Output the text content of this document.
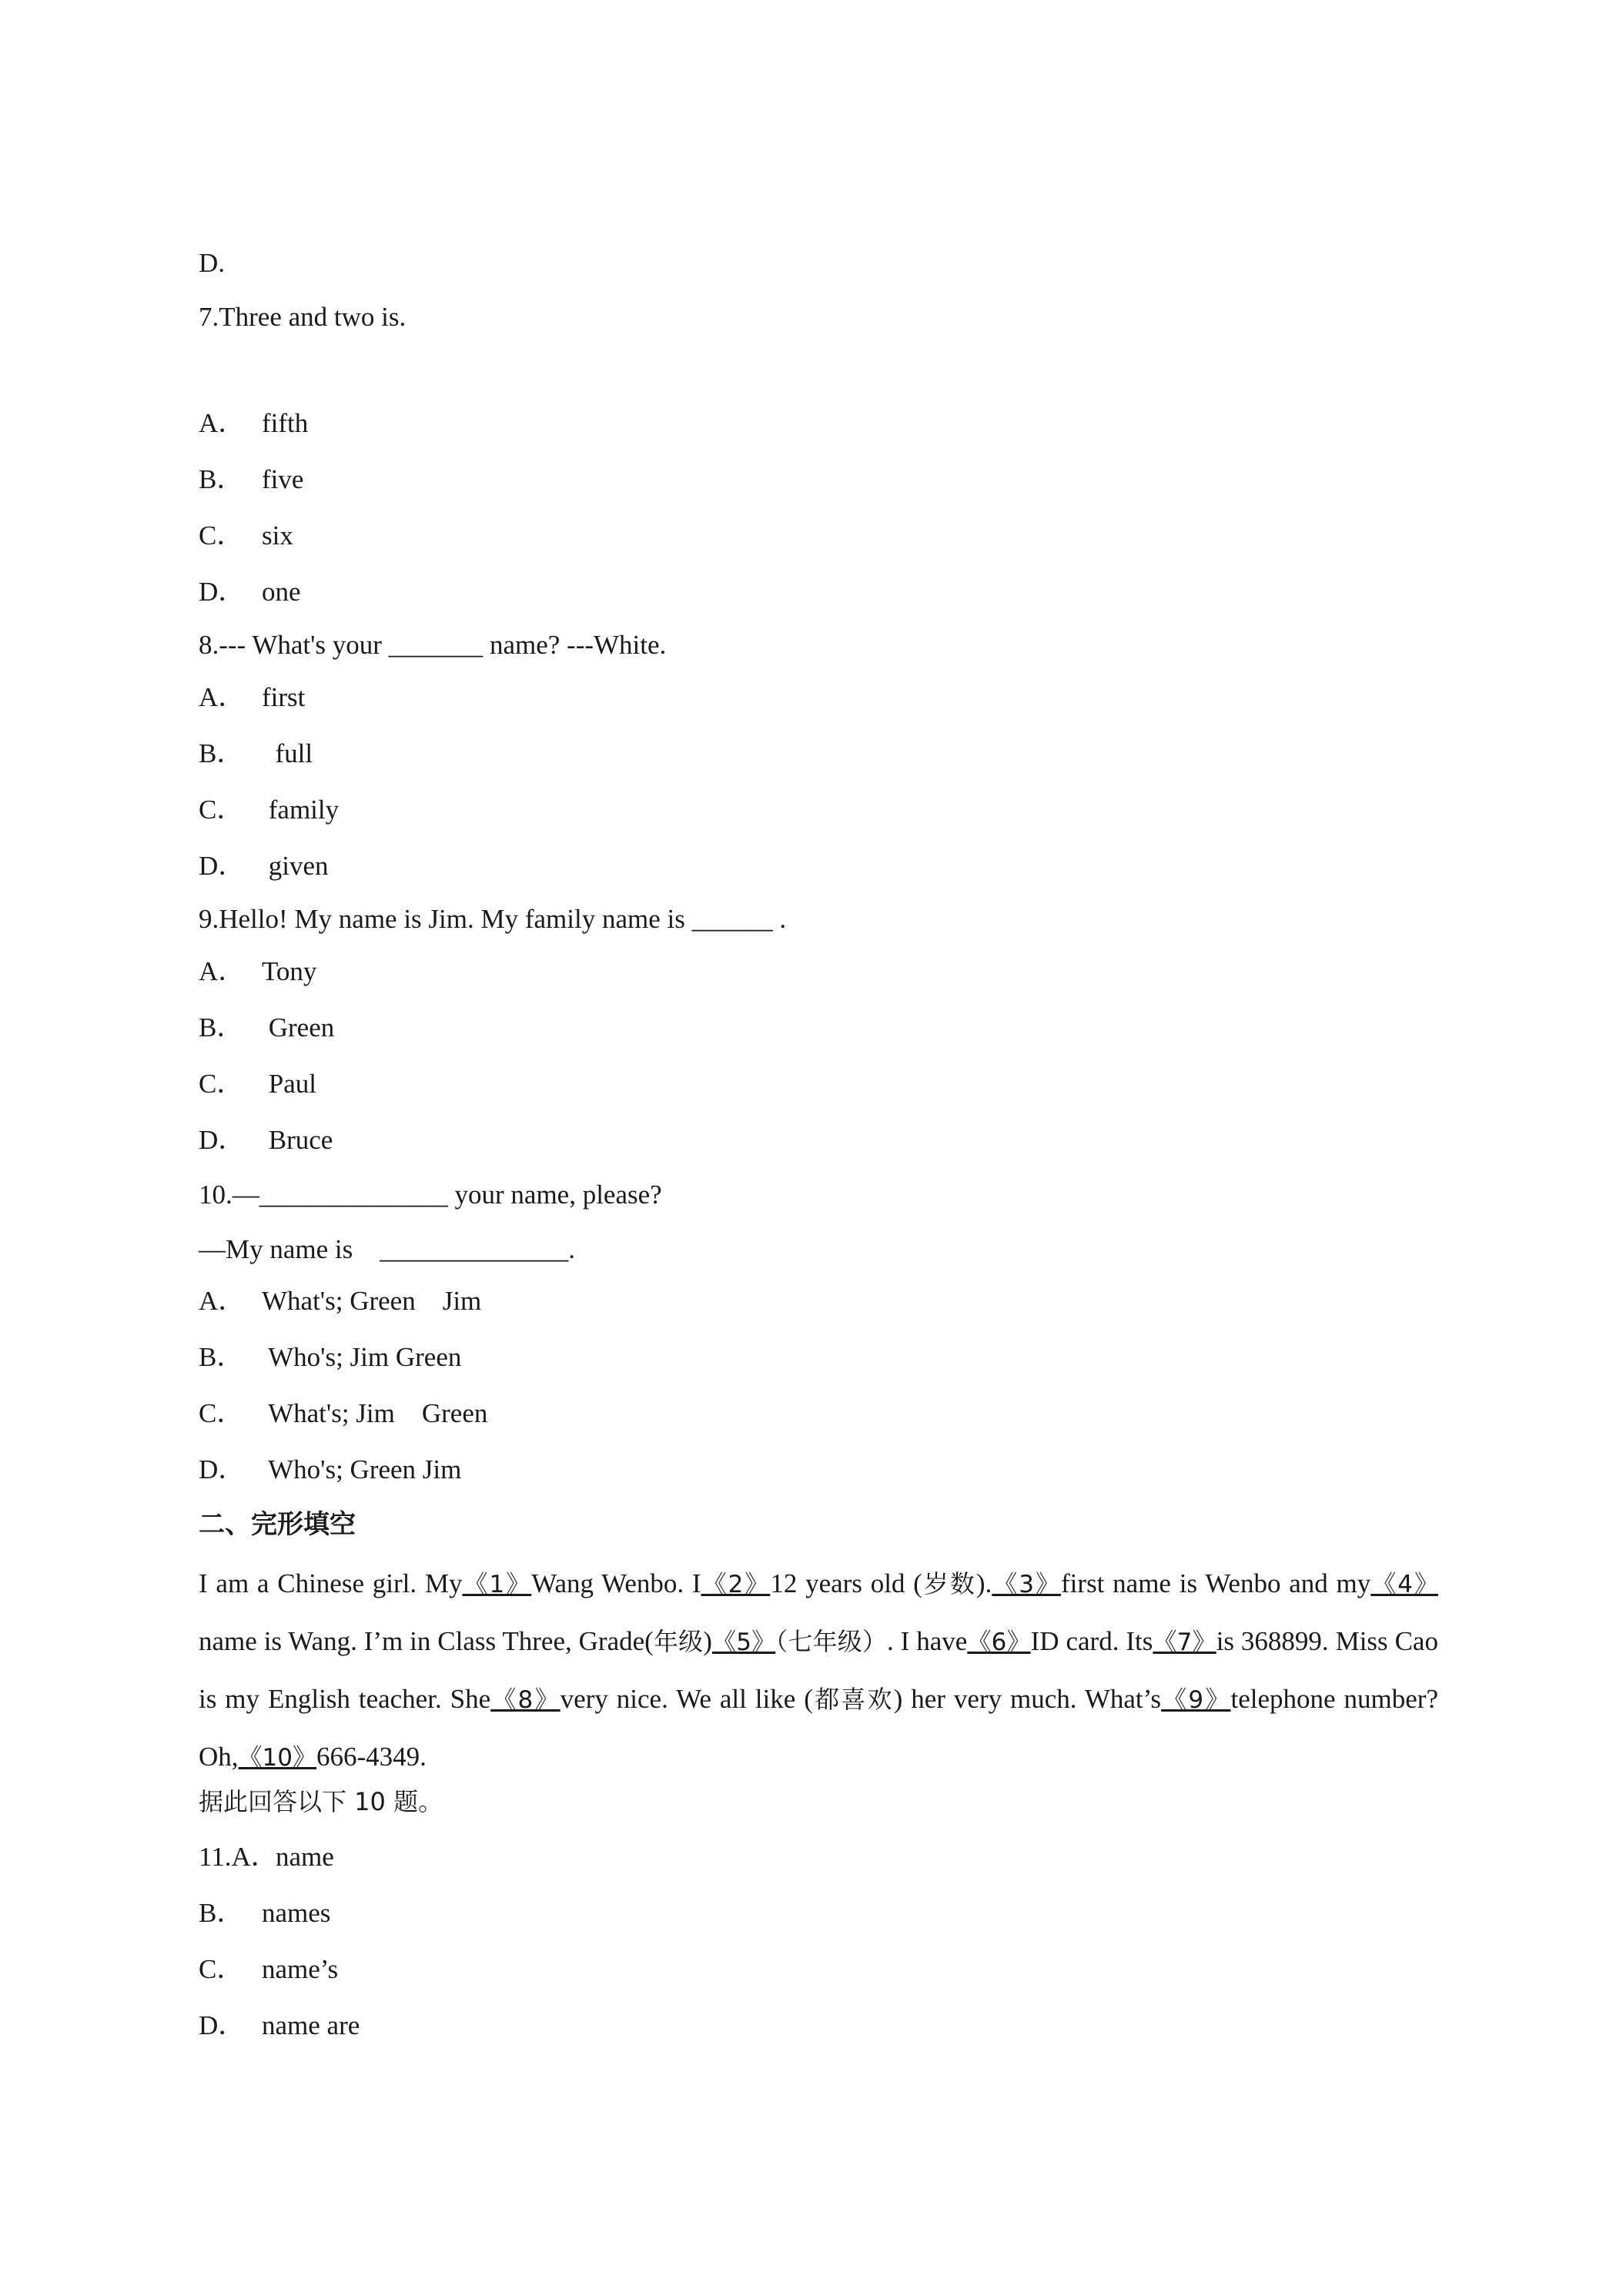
D.
7.Three and two is.
A． fifth
B． five
C． six
D． one
8.--- What's your _______ name? ---White.
A． first
B．  full
C． family
D． given
9.Hello! My name is Jim. My family name is ______ .
A． Tony
B． Green
C． Paul
D． Bruce
10.—______________ your name, please?
—My name is    ______________.
A． What's; Green    Jim
B． Who's; Jim Green
C． What's; Jim    Green
D． Who's; Green Jim
二、完形填空
I am a Chinese girl. My《1》Wang Wenbo. I《2》12 years old (岁数).《3》first name is Wenbo and my《4》name is Wang. I’m in Class Three, Grade(年级)《5》（七年级）. I have《6》ID card. Its《7》is 368899. Miss Cao is my English teacher. She《8》very nice. We all like (都喜欢) her very much. What’s《9》telephone number? Oh,《10》666-4349.
据此回答以下 10 题。
11.A．name
B． names
C． name’s
D． name are
